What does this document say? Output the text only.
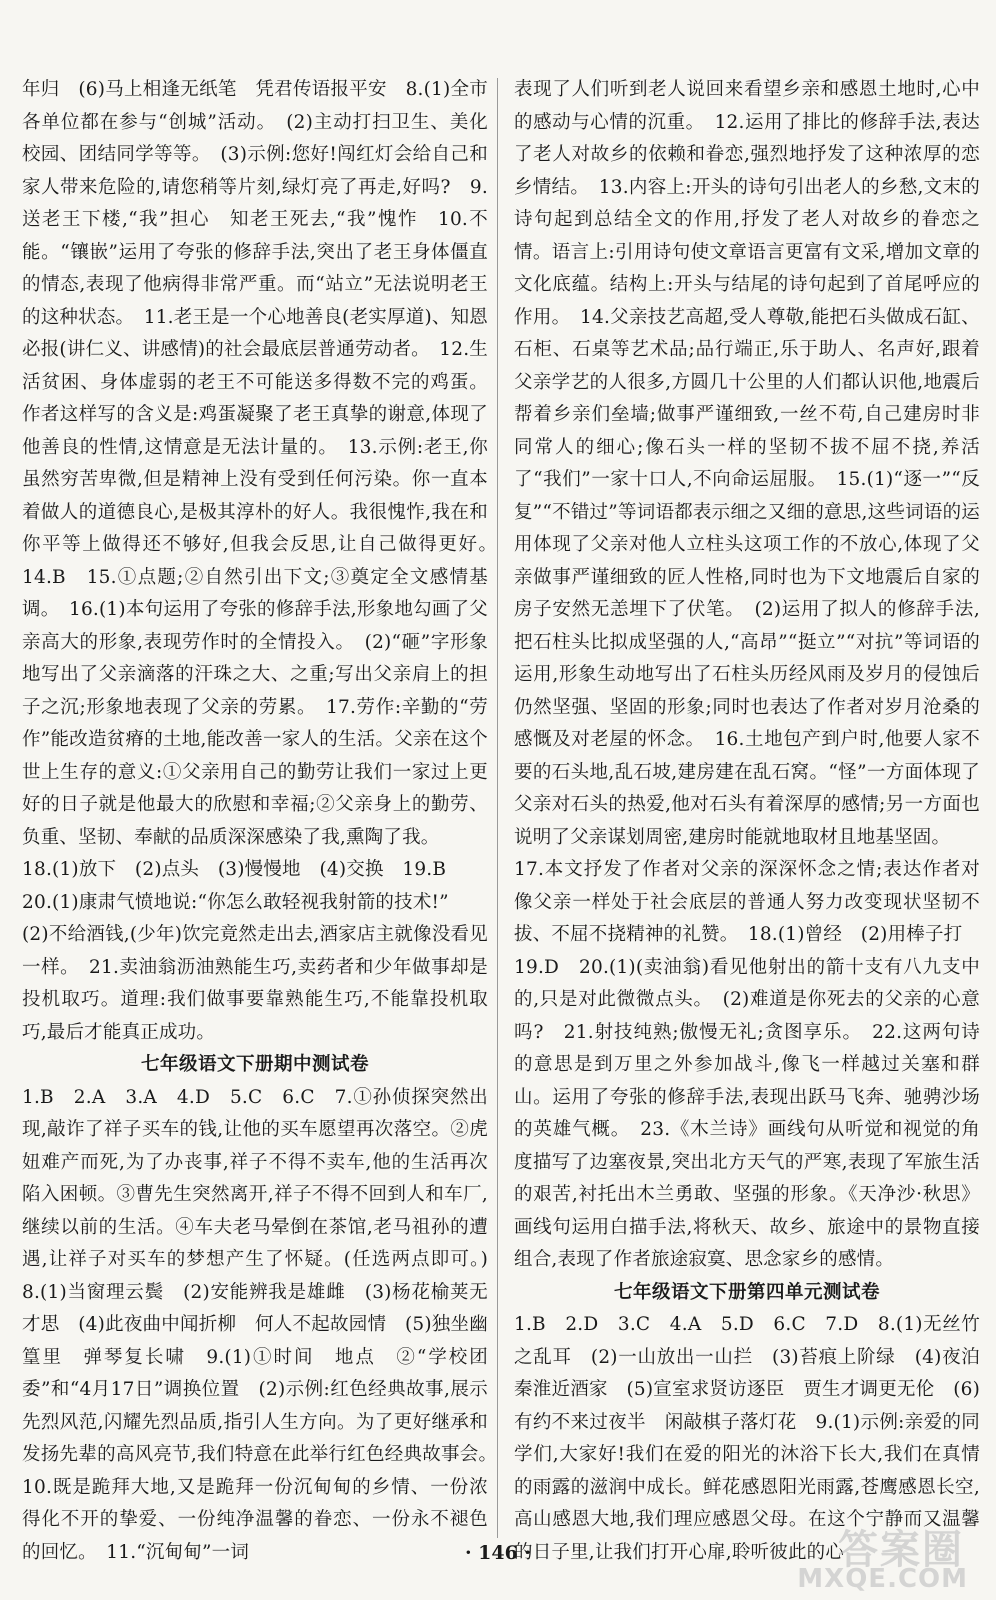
年归　(6)马上相逢无纸笔　凭君传语报平安　8.(1)全市各单位都在参与“创城”活动。　(2)主动打扫卫生、美化校园、团结同学等等。　(3)示例:您好!闯红灯会给自己和家人带来危险的,请您稍等片刻,绿灯亮了再走,好吗?　9.送老王下楼,“我”担心　知老王死去,“我”愧怍　10.不能。“镶嵌”运用了夸张的修辞手法,突出了老王身体僵直的情态,表现了他病得非常严重。而“站立”无法说明老王的这种状态。　11.老王是一个心地善良(老实厚道)、知恩必报(讲仁义、讲感情)的社会最底层普通劳动者。　12.生活贫困、身体虚弱的老王不可能送多得数不完的鸡蛋。作者这样写的含义是:鸡蛋凝聚了老王真挚的谢意,体现了他善良的性情,这情意是无法计量的。　13.示例:老王,你虽然穷苦卑微,但是精神上没有受到任何污染。你一直本着做人的道德良心,是极其淳朴的好人。我很愧怍,我在和你平等上做得还不够好,但我会反思,让自己做得更好。　14.B　15.①点题;②自然引出下文;③奠定全文感情基调。　16.(1)本句运用了夸张的修辞手法,形象地勾画了父亲高大的形象,表现劳作时的全情投入。　(2)“砸”字形象地写出了父亲滴落的汗珠之大、之重;写出父亲肩上的担子之沉;形象地表现了父亲的劳累。　17.劳作:辛勤的“劳作”能改造贫瘠的土地,能改善一家人的生活。父亲在这个世上生存的意义:①父亲用自己的勤劳让我们一家过上更好的日子就是他最大的欣慰和幸福;②父亲身上的勤劳、负重、坚韧、奉献的品质深深感染了我,熏陶了我。

18.(1)放下　(2)点头　(3)慢慢地　(4)交换　19.B

20.(1)康肃气愤地说:“你怎么敢轻视我射箭的技术!”

(2)不给酒钱,(少年)饮完竟然走出去,酒家店主就像没看见一样。　21.卖油翁沥油熟能生巧,卖药者和少年做事却是投机取巧。道理:我们做事要靠熟能生巧,不能靠投机取巧,最后才能真正成功。

七年级语文下册期中测试卷

1.B　2.A　3.A　4.D　5.C　6.C　7.①孙侦探突然出现,敲诈了祥子买车的钱,让他的买车愿望再次落空。②虎妞难产而死,为了办丧事,祥子不得不卖车,他的生活再次陷入困顿。③曹先生突然离开,祥子不得不回到人和车厂,继续以前的生活。④车夫老马晕倒在茶馆,老马祖孙的遭遇,让祥子对买车的梦想产生了怀疑。(任选两点即可。)　8.(1)当窗理云鬓　(2)安能辨我是雄雌　(3)杨花榆荚无才思　(4)此夜曲中闻折柳　何人不起故园情　(5)独坐幽篁里　弹琴复长啸　9.(1)①时间　地点　②“学校团委”和“4月17日”调换位置　(2)示例:红色经典故事,展示先烈风范,闪耀先烈品质,指引人生方向。为了更好继承和发扬先辈的高风亮节,我们特意在此举行红色经典故事会。　10.既是跪拜大地,又是跪拜一份沉甸甸的乡情、一份浓得化不开的挚爱、一份纯净温馨的眷恋、一份永不褪色的回忆。　11.“沉甸甸”一词

表现了人们听到老人说回来看望乡亲和感恩土地时,心中的感动与心情的沉重。　12.运用了排比的修辞手法,表达了老人对故乡的依赖和眷恋,强烈地抒发了这种浓厚的恋乡情结。　13.内容上:开头的诗句引出老人的乡愁,文末的诗句起到总结全文的作用,抒发了老人对故乡的眷恋之情。语言上:引用诗句使文章语言更富有文采,增加文章的文化底蕴。结构上:开头与结尾的诗句起到了首尾呼应的作用。　14.父亲技艺高超,受人尊敬,能把石头做成石缸、石柜、石桌等艺术品;品行端正,乐于助人、名声好,跟着父亲学艺的人很多,方圆几十公里的人们都认识他,地震后帮着乡亲们垒墙;做事严谨细致,一丝不苟,自己建房时非同常人的细心;像石头一样的坚韧不拔不屈不挠,养活了“我们”一家十口人,不向命运屈服。　15.(1)“逐一”“反复”“不错过”等词语都表示细之又细的意思,这些词语的运用体现了父亲对他人立柱头这项工作的不放心,体现了父亲做事严谨细致的匠人性格,同时也为下文地震后自家的房子安然无恙埋下了伏笔。　(2)运用了拟人的修辞手法,把石柱头比拟成坚强的人,“高昂”“挺立”“对抗”等词语的运用,形象生动地写出了石柱头历经风雨及岁月的侵蚀后仍然坚强、坚固的形象;同时也表达了作者对岁月沧桑的感慨及对老屋的怀念。　16.土地包产到户时,他要人家不要的石头地,乱石坡,建房建在乱石窝。“怪”一方面体现了父亲对石头的热爱,他对石头有着深厚的感情;另一方面也说明了父亲谋划周密,建房时能就地取材且地基坚固。

17.本文抒发了作者对父亲的深深怀念之情;表达作者对像父亲一样处于社会底层的普通人努力改变现状坚韧不拔、不屈不挠精神的礼赞。　18.(1)曾经　(2)用棒子打

19.D　20.(1)(卖油翁)看见他射出的箭十支有八九支中的,只是对此微微点头。　(2)难道是你死去的父亲的心意吗?　21.射技纯熟;傲慢无礼;贪图享乐。　22.这两句诗的意思是到万里之外参加战斗,像飞一样越过关塞和群山。运用了夸张的修辞手法,表现出跃马飞奔、驰骋沙场的英雄气概。　23.《木兰诗》画线句从听觉和视觉的角度描写了边塞夜景,突出北方天气的严寒,表现了军旅生活的艰苦,衬托出木兰勇敢、坚强的形象。《天净沙·秋思》画线句运用白描手法,将秋天、故乡、旅途中的景物直接组合,表现了作者旅途寂寞、思念家乡的感情。

七年级语文下册第四单元测试卷

1.B　2.D　3.C　4.A　5.D　6.C　7.D　8.(1)无丝竹之乱耳　(2)一山放出一山拦　(3)苔痕上阶绿　(4)夜泊秦淮近酒家　(5)宣室求贤访逐臣　贾生才调更无伦　(6)有约不来过夜半　闲敲棋子落灯花　9.(1)示例:亲爱的同学们,大家好!我们在爱的阳光的沐浴下长大,我们在真情的雨露的滋润中成长。鲜花感恩阳光雨露,苍鹰感恩长空,高山感恩大地,我们理应感恩父母。在这个宁静而又温馨的日子里,让我们打开心扉,聆听彼此的心

· 146 ·	答案圈
MXQE.COM
